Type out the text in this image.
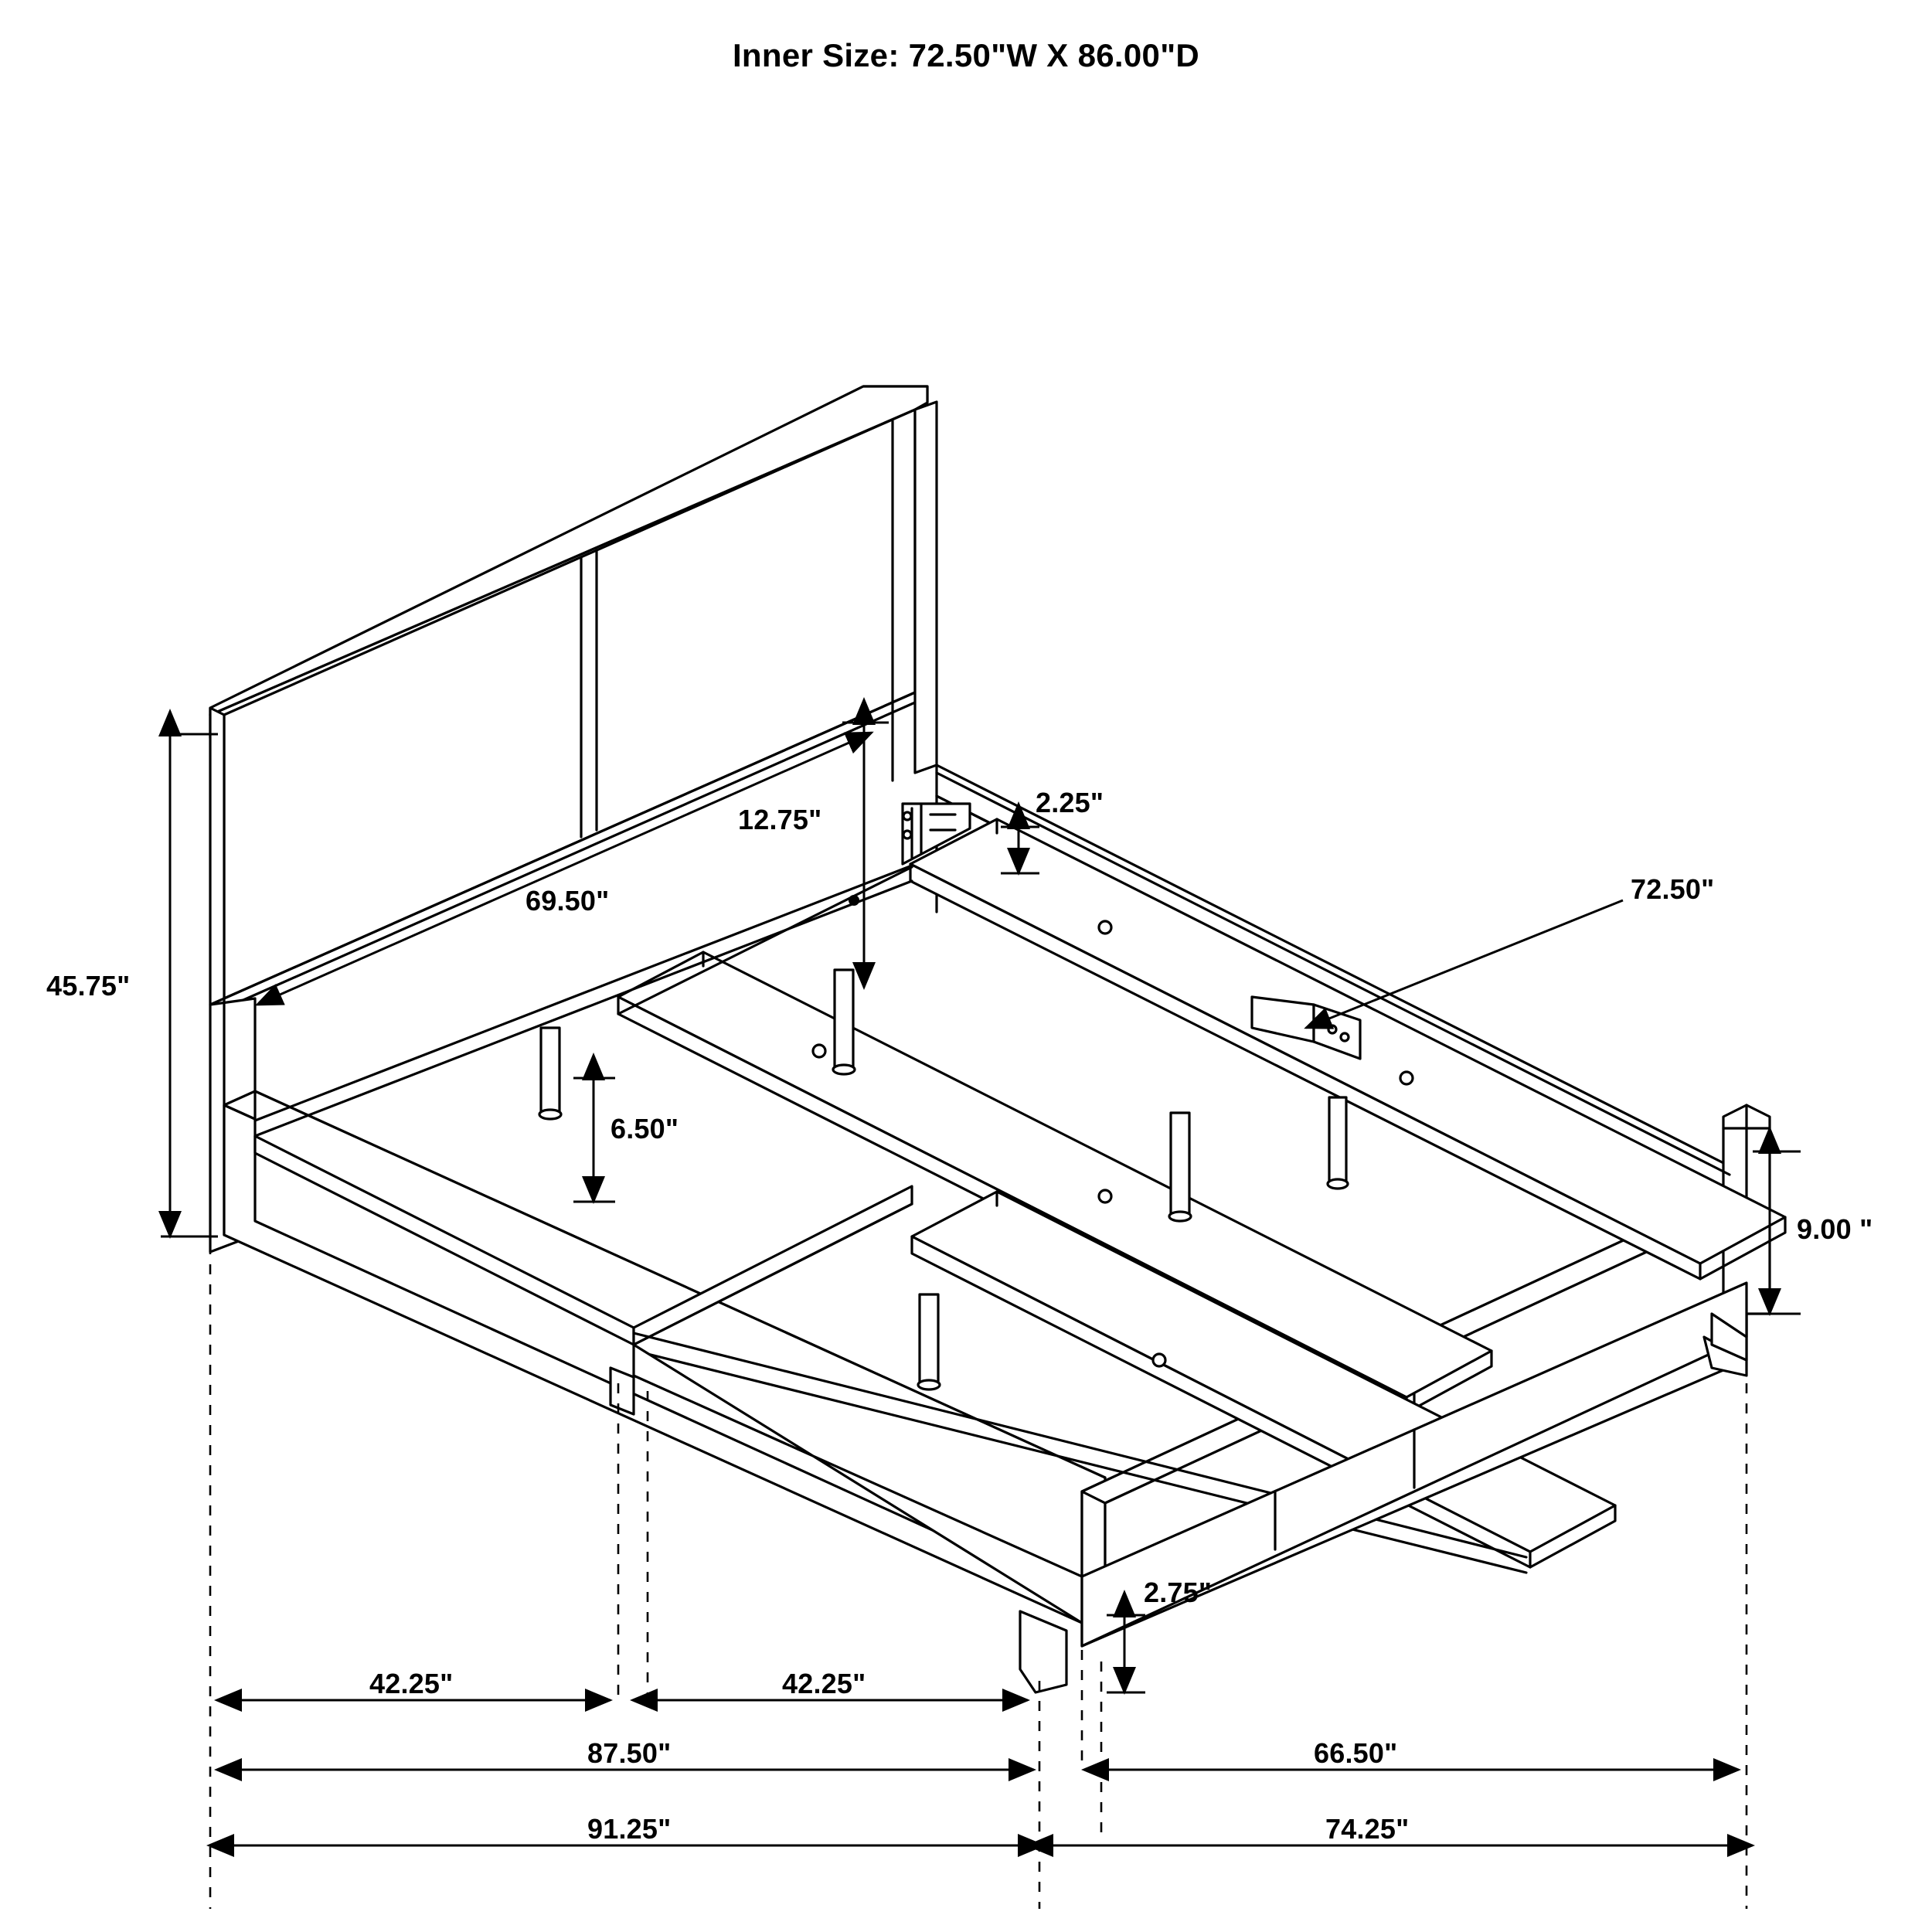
Inner Size: 72.50"W X 86.00"D
45.75"
12.75"
69.50"
2.25"
72.50"
6.50"
9.00 "
2.75"
42.25"	42.25"
87.50"	66.50"
91.25"	74.25"
